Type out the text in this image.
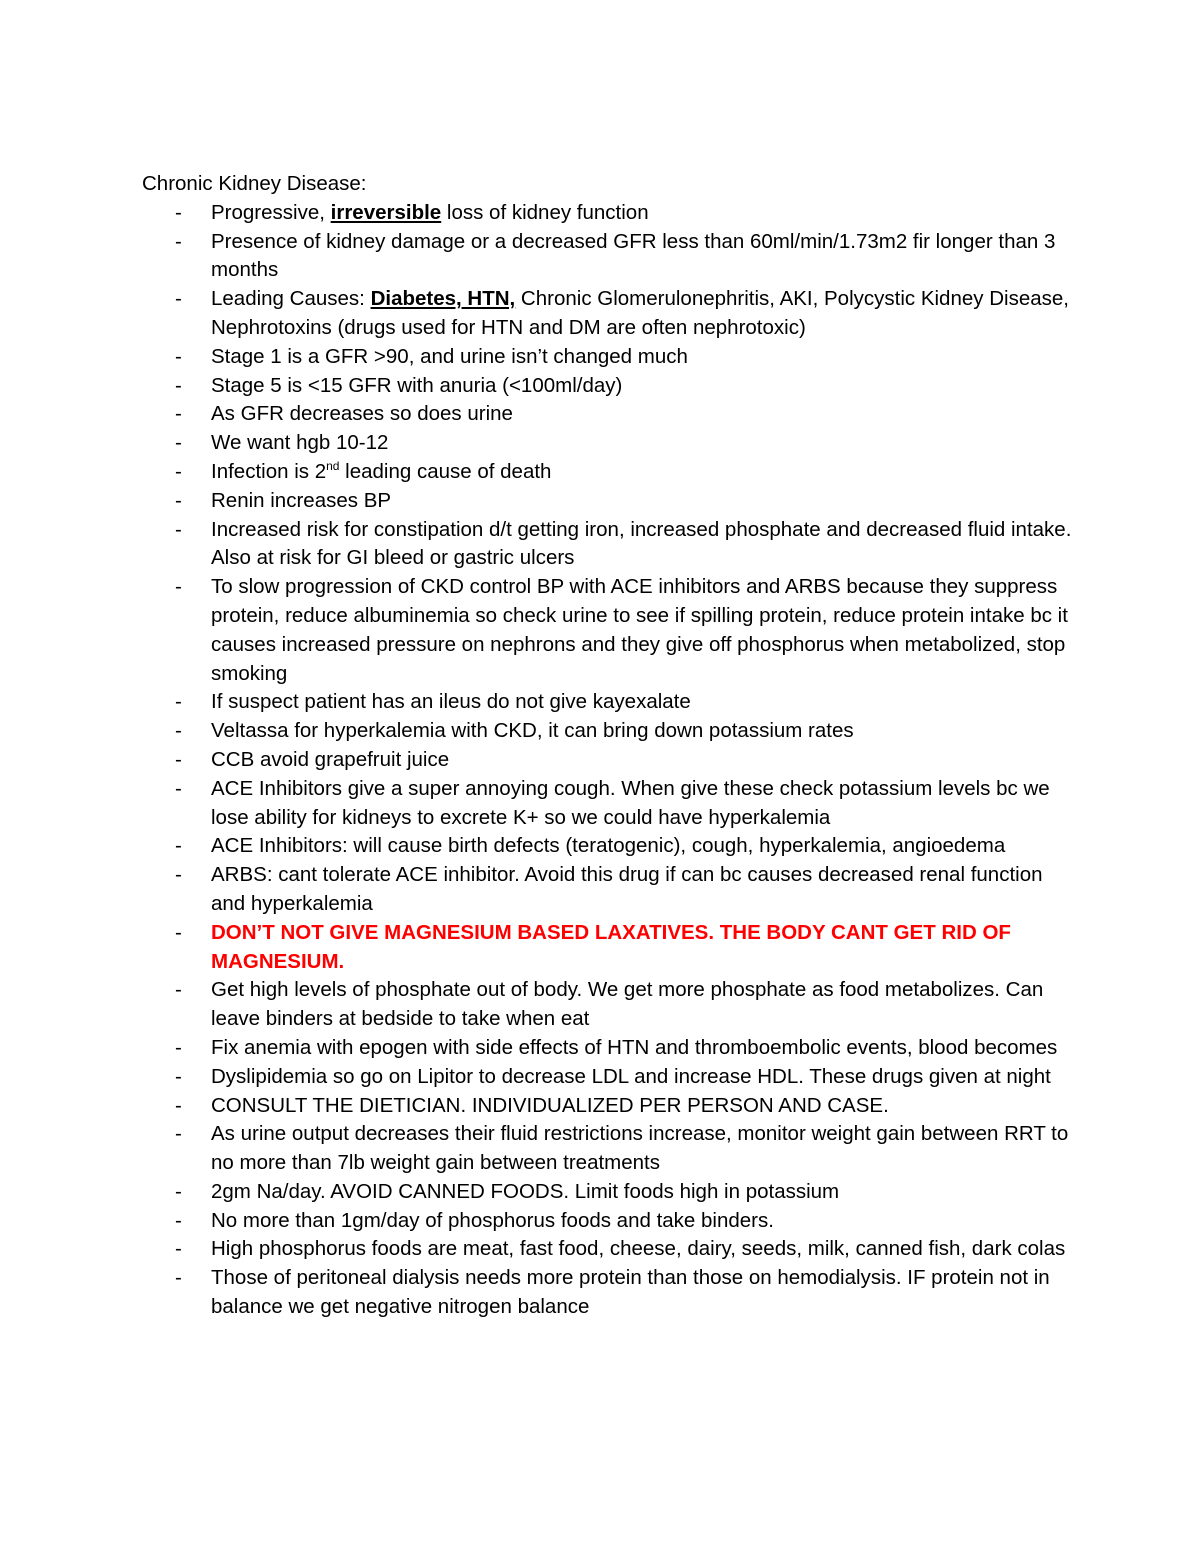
Chronic Kidney Disease:
- Progressive, irreversible loss of kidney function
- Presence of kidney damage or a decreased GFR less than 60ml/min/1.73m2 fir longer than 3 months
- Leading Causes: Diabetes, HTN, Chronic Glomerulonephritis, AKI, Polycystic Kidney Disease, Nephrotoxins (drugs used for HTN and DM are often nephrotoxic)
- Stage 1 is a GFR >90, and urine isn’t changed much
- Stage 5 is <15 GFR with anuria (<100ml/day)
- As GFR decreases so does urine
- We want hgb 10-12
- Infection is 2nd leading cause of death
- Renin increases BP
- Increased risk for constipation d/t getting iron, increased phosphate and decreased fluid intake. Also at risk for GI bleed or gastric ulcers
- To slow progression of CKD control BP with ACE inhibitors and ARBS because they suppress protein, reduce albuminemia so check urine to see if spilling protein, reduce protein intake bc it causes increased pressure on nephrons and they give off phosphorus when metabolized, stop smoking
- If suspect patient has an ileus do not give kayexalate
- Veltassa for hyperkalemia with CKD, it can bring down potassium rates
- CCB avoid grapefruit juice
- ACE Inhibitors give a super annoying cough. When give these check potassium levels bc we lose ability for kidneys to excrete K+ so we could have hyperkalemia
- ACE Inhibitors: will cause birth defects (teratogenic), cough, hyperkalemia, angioedema
- ARBS: cant tolerate ACE inhibitor. Avoid this drug if can bc causes decreased renal function and hyperkalemia
- DON’T NOT GIVE MAGNESIUM BASED LAXATIVES. THE BODY CANT GET RID OF MAGNESIUM.
- Get high levels of phosphate out of body. We get more phosphate as food metabolizes. Can leave binders at bedside to take when eat
- Fix anemia with epogen with side effects of HTN and thromboembolic events, blood becomes
- Dyslipidemia so go on Lipitor to decrease LDL and increase HDL. These drugs given at night
- CONSULT THE DIETICIAN. INDIVIDUALIZED PER PERSON AND CASE.
- As urine output decreases their fluid restrictions increase, monitor weight gain between RRT to no more than 7lb weight gain between treatments
- 2gm Na/day. AVOID CANNED FOODS. Limit foods high in potassium
- No more than 1gm/day of phosphorus foods and take binders.
- High phosphorus foods are meat, fast food, cheese, dairy, seeds, milk, canned fish, dark colas
- Those of peritoneal dialysis needs more protein than those on hemodialysis. IF protein not in balance we get negative nitrogen balance
